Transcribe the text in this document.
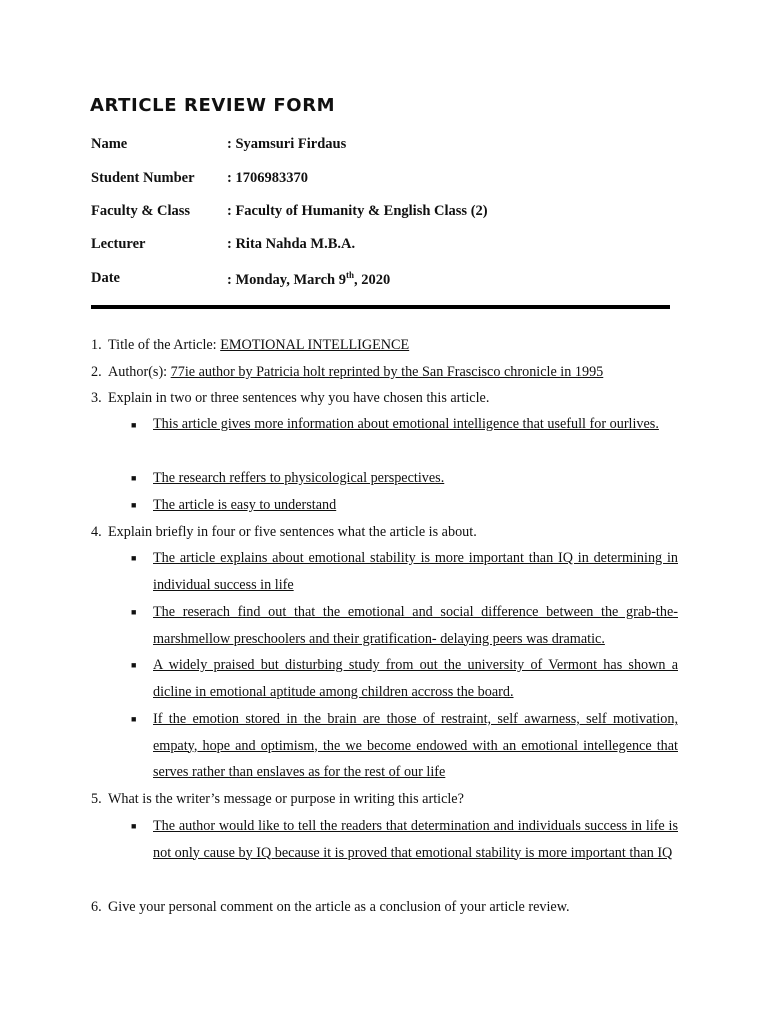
ARTICLE REVIEW FORM
Name	: Syamsuri Firdaus
Student Number : 1706983370
Faculty & Class	: Faculty of Humanity & English Class (2)
Lecturer	: Rita Nahda M.B.A.
Date	: Monday, March 9th, 2020

1. Title of the Article: EMOTIONAL INTELLIGENCE

2. Author(s): 77ie author by Patricia holt reprinted by the San Frascisco chronicle in 1995

3. Explain in two or three sentences why you have chosen this article.

■ This article gives more information about emotional intelligence that usefull for ourlives.

■ The research reffers to physicological perspectives.

■ The article is easy to understand

4. Explain briefly in four or five sentences what the article is about.

■ The article explains about emotional stability is more important than IQ in determining in individual success in life

■ The reserach find out that the emotional and social difference between the grab-the-marshmellow preschoolers and their gratification- delaying peers was dramatic.

■ A widely praised but disturbing study from out the university of Vermont has shown a dicline in emotional aptitude among children accross the board.

■ If the emotion stored in the brain are those of restraint, self awarness, self motivation, empaty, hope and optimism, the we become endowed with an emotional intellegence that serves rather than enslaves as for the rest of our life

5. What is the writer’s message or purpose in writing this article?

■ The author would like to tell the readers that determination and individuals success in life is not only cause by IQ because it is proved that emotional stability is more important than IQ

6. Give your personal comment on the article as a conclusion of your article review.
